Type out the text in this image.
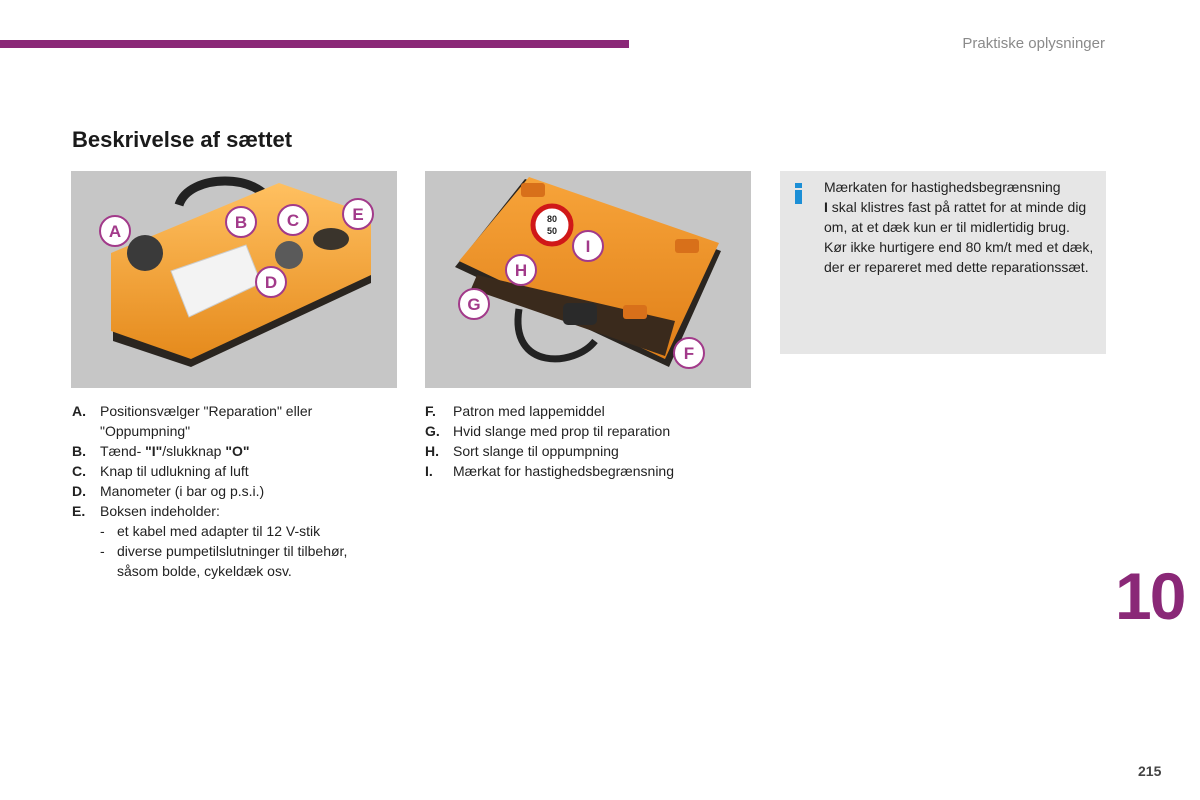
Praktiske oplysninger
Beskrivelse af sættet
A	B C
D
E	80
50
F
G
H
I
Mærkaten for hastighedsbegrænsning
I skal klistres fast på rattet for at minde dig om, at et dæk kun er til midlertidig brug.
Kør ikke hurtigere end 80 km/t med et dæk, der er repareret med dette reparationssæt.
A.	Positionsvælger "Reparation" eller "Oppumpning"
B.	Tænd- "I"/slukknap "O"
C.	Knap til udlukning af luft
D.	Manometer (i bar og p.s.i.)
E.	Boksen indeholder:
- et kabel med adapter til 12 V-stik
- diverse pumpetilslutninger til tilbehør, såsom bolde, cykeldæk osv.
F.	Patron med lappemiddel
G. Hvid slange med prop til reparation
H.	Sort slange til oppumpning
I.	Mærkat for hastighedsbegrænsning
10
215
